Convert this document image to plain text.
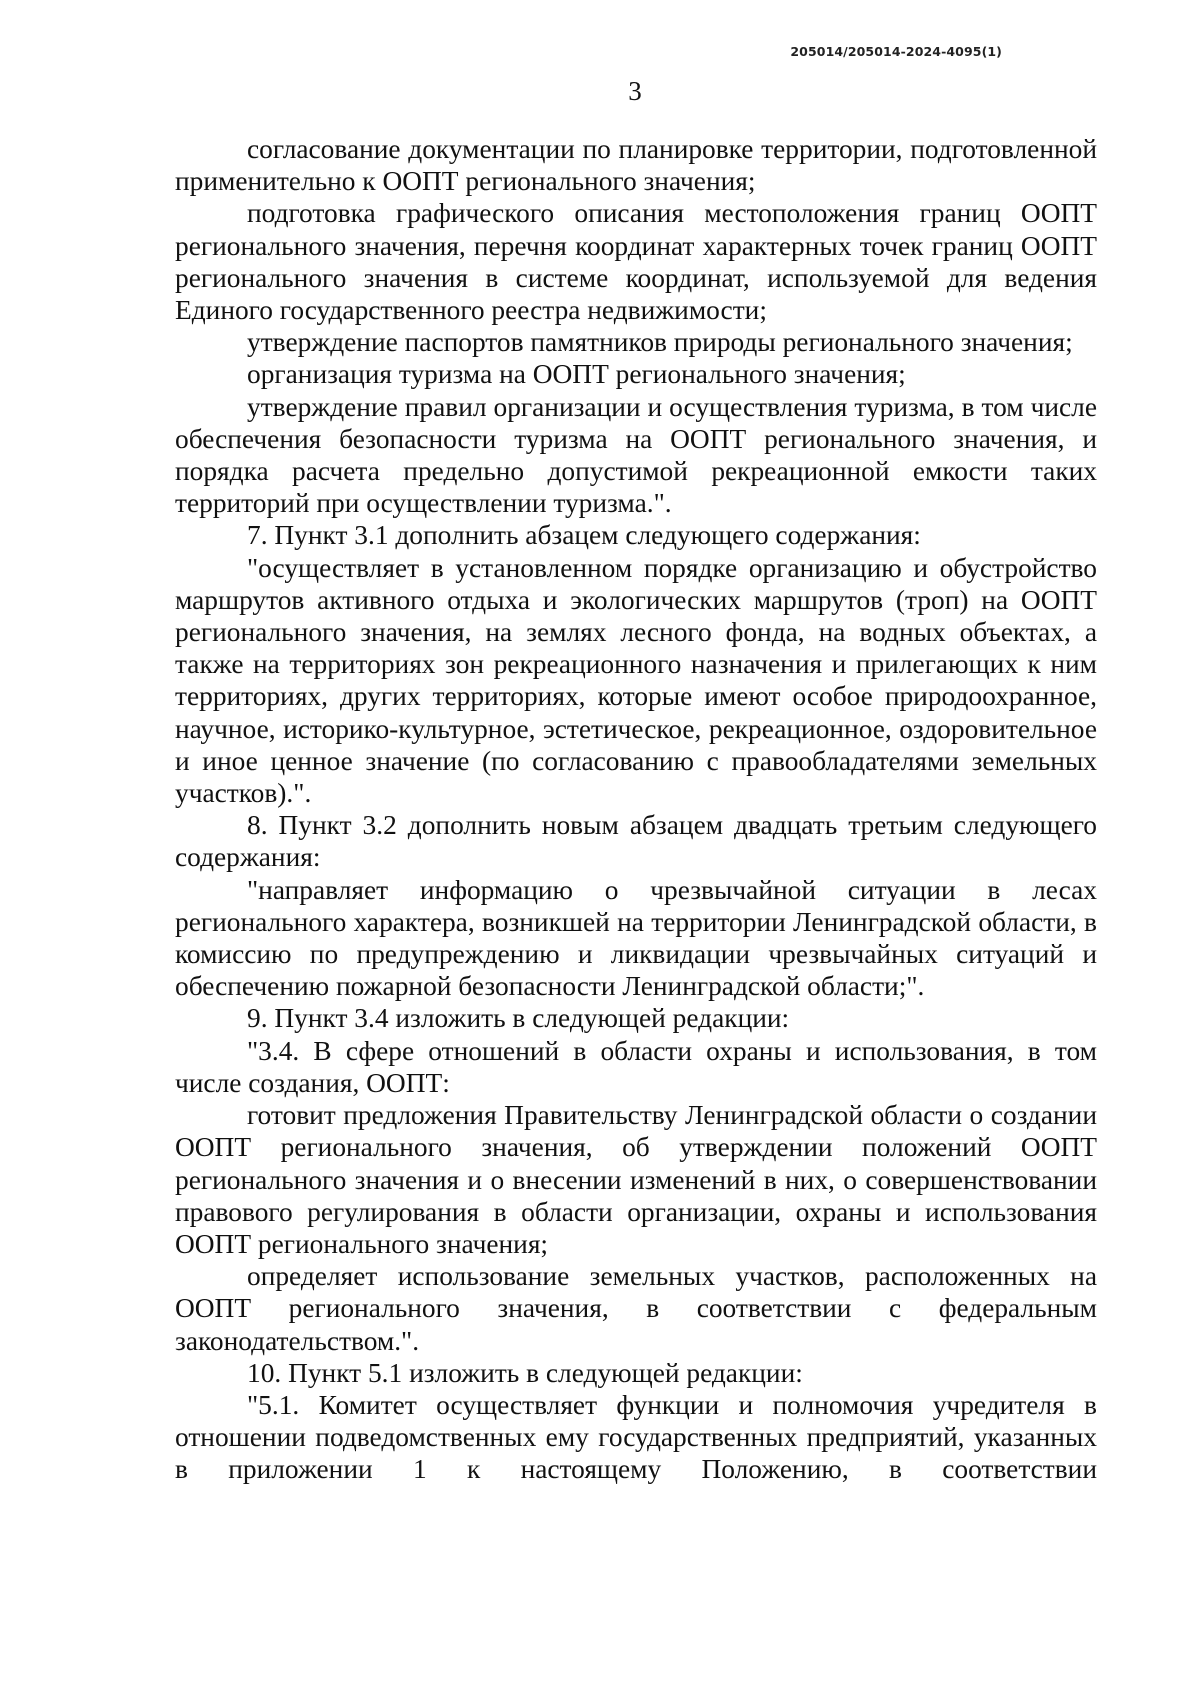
205014/205014-2024-4095(1)
3

согласование документации по планировке территории, подготовленной применительно к ООПТ регионального значения;

подготовка графического описания местоположения границ ООПТ регионального значения, перечня координат характерных точек границ ООПТ регионального значения в системе координат, используемой для ведения Единого государственного реестра недвижимости;

утверждение паспортов памятников природы регионального значения;

организация туризма на ООПТ регионального значения;

утверждение правил организации и осуществления туризма, в том числе обеспечения безопасности туризма на ООПТ регионального значения, и порядка расчета предельно допустимой рекреационной емкости таких территорий при осуществлении туризма.".

7. Пункт 3.1 дополнить абзацем следующего содержания:

"осуществляет в установленном порядке организацию и обустройство маршрутов активного отдыха и экологических маршрутов (троп) на ООПТ регионального значения, на землях лесного фонда, на водных объектах, а также на территориях зон рекреационного назначения и прилегающих к ним территориях, других территориях, которые имеют особое природоохранное, научное, историко-культурное, эстетическое, рекреационное, оздоровительное и иное ценное значение (по согласованию с правообладателями земельных участков).".

8. Пункт 3.2 дополнить новым абзацем двадцать третьим следующего содержания:

"направляет информацию о чрезвычайной ситуации в лесах регионального характера, возникшей на территории Ленинградской области, в комиссию по предупреждению и ликвидации чрезвычайных ситуаций и обеспечению пожарной безопасности Ленинградской области;".

9. Пункт 3.4 изложить в следующей редакции:

"3.4. В сфере отношений в области охраны и использования, в том числе создания, ООПТ:

готовит предложения Правительству Ленинградской области о создании ООПТ регионального значения, об утверждении положений ООПТ регионального значения и о внесении изменений в них, о совершенствовании правового регулирования в области организации, охраны и использования ООПТ регионального значения;

определяет использование земельных участков, расположенных на ООПТ регионального значения, в соответствии с федеральным законодательством.".

10. Пункт 5.1 изложить в следующей редакции:

"5.1. Комитет осуществляет функции и полномочия учредителя в отношении подведомственных ему государственных предприятий, указанных в приложении 1 к настоящему Положению, в соответствии
